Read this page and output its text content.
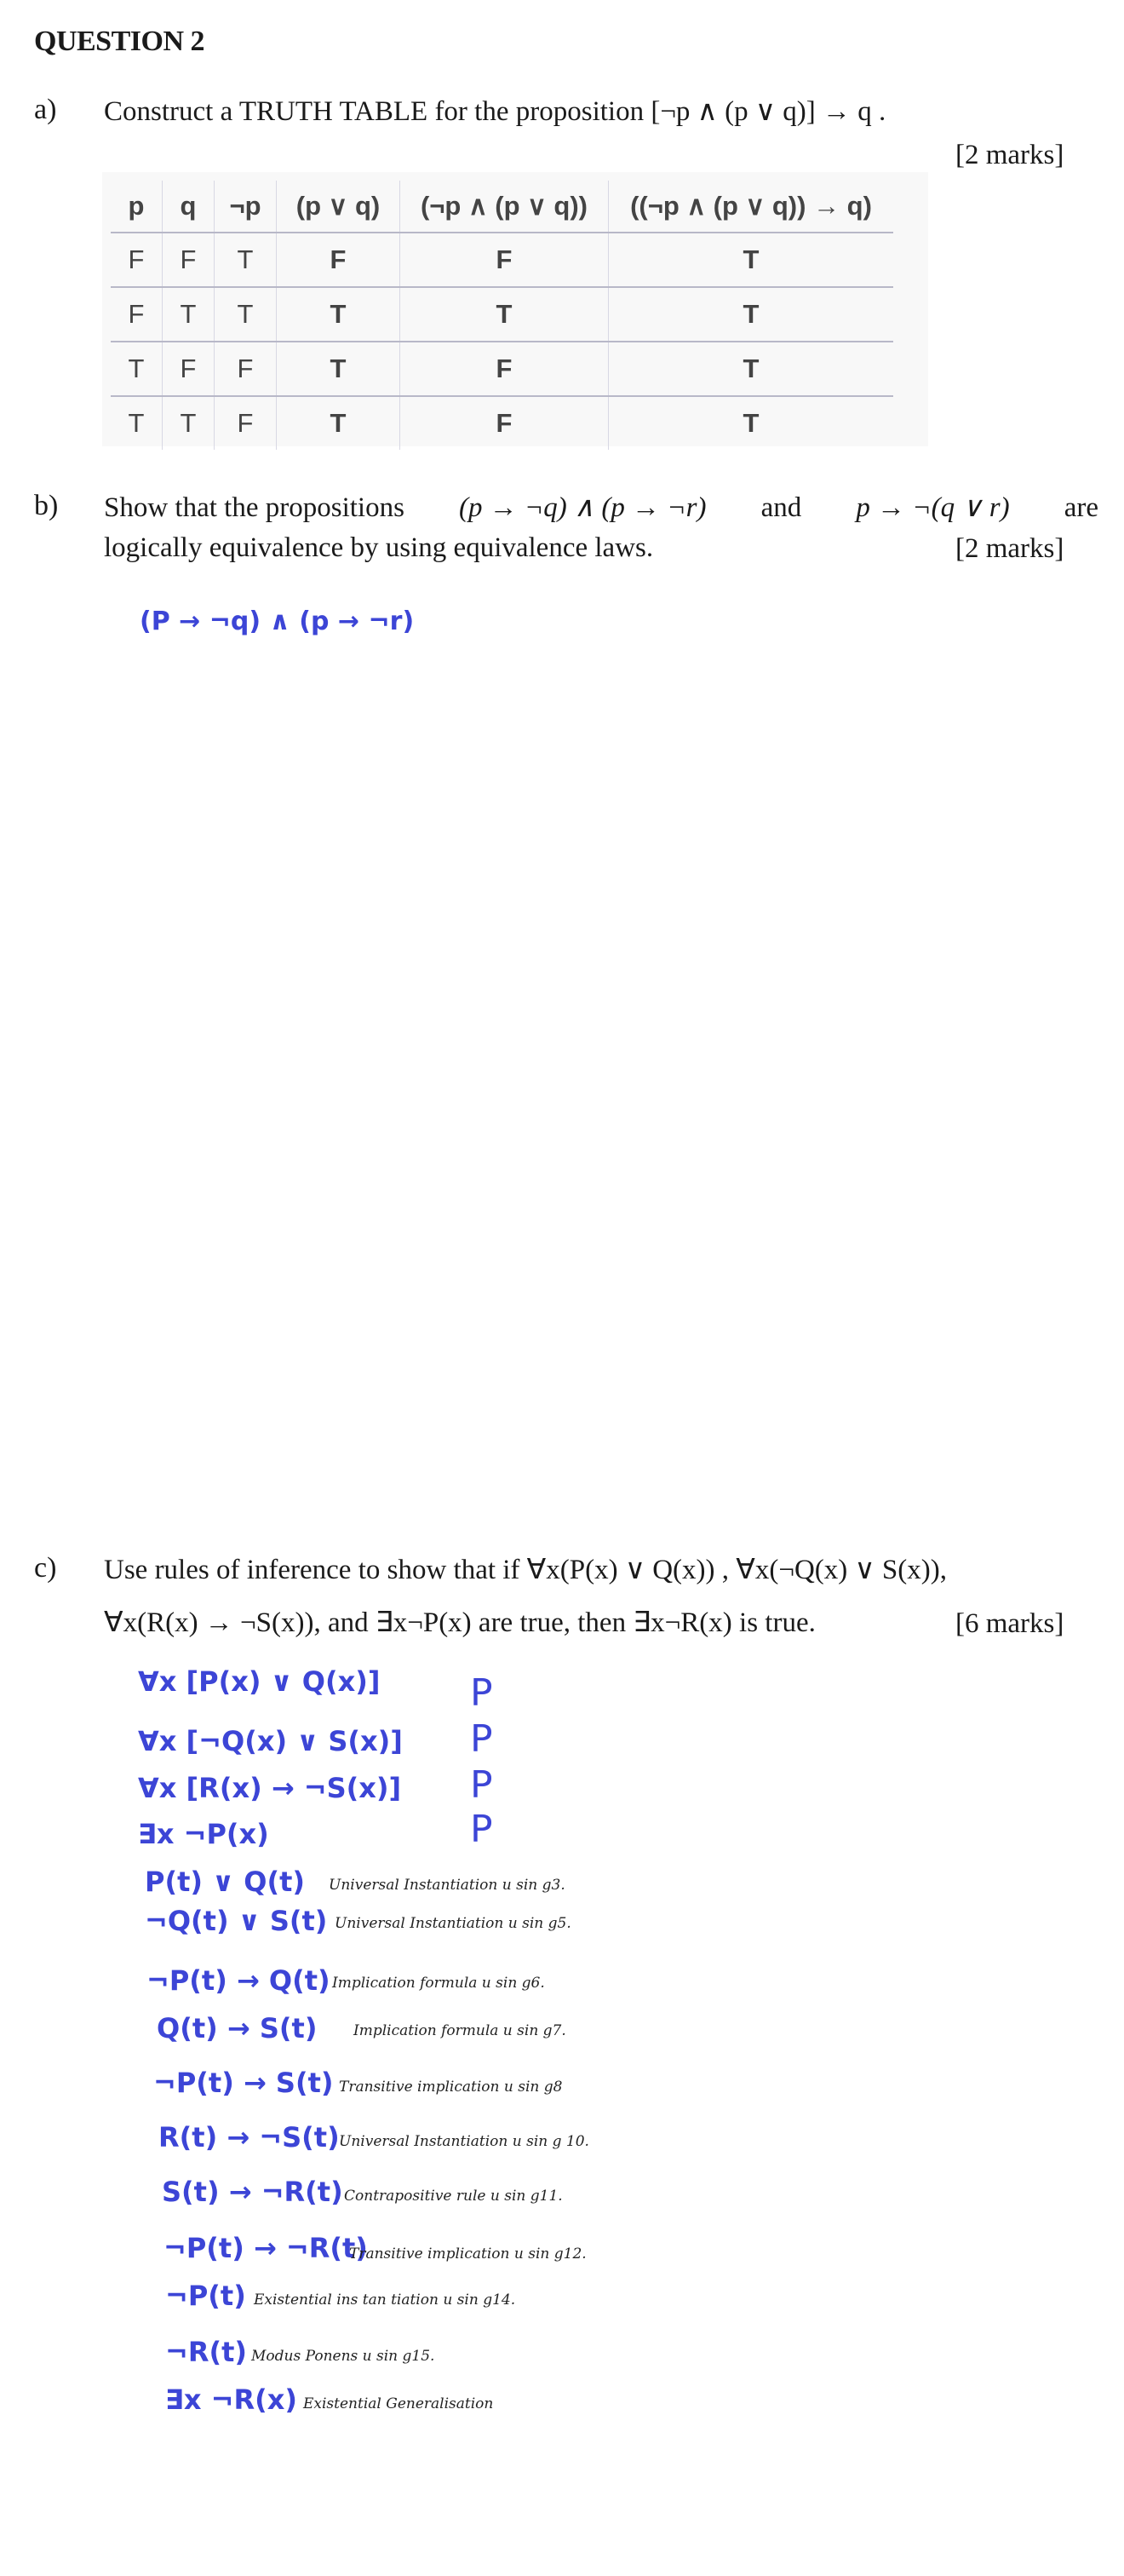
QUESTION 2
a) Construct a TRUTH TABLE for the proposition [¬p ∧ (p ∨ q)] → q .
[2 marks]
p	q	¬p	(p ∨ q)	(¬p ∧ (p ∨ q))	((¬p ∧ (p ∨ q)) → q)
F	F	T	F	F	T
F	T	T	T	T	T
T	F	F	T	F	T
T	T	F	T	F	T
b) Show that the propositions (p → ¬q) ∧ (p → ¬r) and p → ¬(q ∨ r) are
logically equivalence by using equivalence laws.	[2 marks]
(P → ¬q) ∧ (p → ¬r)
c) Use rules of inference to show that if ∀x(P(x) ∨ Q(x)) , ∀x(¬Q(x) ∨ S(x)),
∀x(R(x) → ¬S(x)), and ∃x¬P(x) are true, then ∃x¬R(x) is true.	[6 marks]
∀x [P(x) ∨ Q(x)] P
∀x [¬Q(x) ∨ S(x)] P
∀x [R(x) → ¬S(x)] P
∃x ¬P(x)	P
P(t) ∨ Q(t) Universal Instantiation u sin g3.
¬Q(t) ∨ S(t) Universal Instantiation u sin g5.
¬P(t) → Q(t) Implication formula u sin g6.
Q(t) → S(t)	Implication formula u sin g7.
¬P(t) → S(t) Transitive implication u sin g8
R(t) → ¬S(t) Universal Instantiation u sin g 10.
S(t) → ¬R(t) Contrapositive rule u sin g11.
¬P(t) → ¬R(t)
Transitive implication u sin g12.
¬P(t) Existential ins tan tiation u sin g14.
¬R(t) Modus Ponens u sin g15.
∃x ¬R(x) Existential Generalisation
